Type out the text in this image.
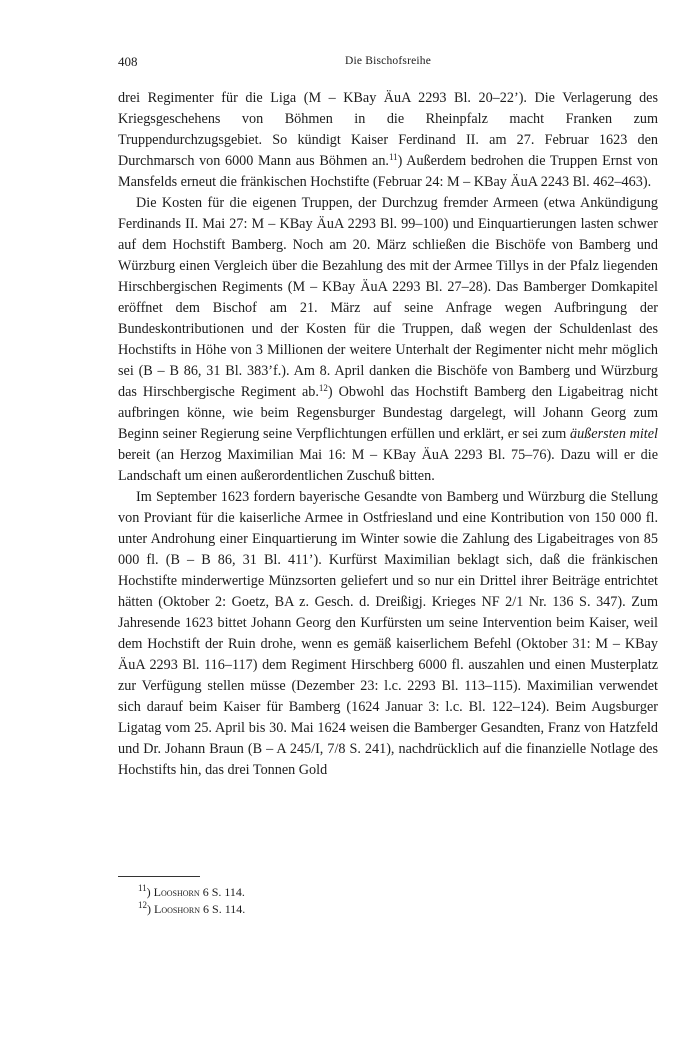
408	Die Bischofsreihe

drei Regimenter für die Liga (M – KBay ÄuA 2293 Bl. 20–22’). Die Verlagerung des Kriegsgeschehens von Böhmen in die Rheinpfalz macht Franken zum Truppendurchzugsgebiet. So kündigt Kaiser Ferdinand II. am 27. Februar 1623 den Durchmarsch von 6000 Mann aus Böhmen an.$^{11}$) Außerdem bedrohen die Truppen Ernst von Mansfelds erneut die fränkischen Hochstifte (Februar 24: M – KBay ÄuA 2243 Bl. 462–463).

Die Kosten für die eigenen Truppen, der Durchzug fremder Armeen (etwa Ankündigung Ferdinands II. Mai 27: M – KBay ÄuA 2293 Bl. 99–100) und Einquartierungen lasten schwer auf dem Hochstift Bamberg. Noch am 20. März schließen die Bischöfe von Bamberg und Würzburg einen Vergleich über die Bezahlung des mit der Armee Tillys in der Pfalz liegenden Hirschbergischen Regiments (M – KBay ÄuA 2293 Bl. 27–28). Das Bamberger Domkapitel eröffnet dem Bischof am 21. März auf seine Anfrage wegen Aufbringung der Bundeskontributionen und der Kosten für die Truppen, daß wegen der Schuldenlast des Hochstifts in Höhe von 3 Millionen der weitere Unterhalt der Regimenter nicht mehr möglich sei (B – B 86, 31 Bl. 383’f.). Am 8. April danken die Bischöfe von Bamberg und Würzburg das Hirschbergische Regiment ab.$^{12}$) Obwohl das Hochstift Bamberg den Ligabeitrag nicht aufbringen könne, wie beim Regensburger Bundestag dargelegt, will Johann Georg zum Beginn seiner Regierung seine Verpflichtungen erfüllen und erklärt, er sei zum äußersten mitel bereit (an Herzog Maximilian Mai 16: M – KBay ÄuA 2293 Bl. 75–76). Dazu will er die Landschaft um einen außerordentlichen Zuschuß bitten.

Im September 1623 fordern bayerische Gesandte von Bamberg und Würzburg die Stellung von Proviant für die kaiserliche Armee in Ostfriesland und eine Kontribution von 150 000 fl. unter Androhung einer Einquartierung im Winter sowie die Zahlung des Ligabeitrages von 85 000 fl. (B – B 86, 31 Bl. 411’). Kurfürst Maximilian beklagt sich, daß die fränkischen Hochstifte minderwertige Münzsorten geliefert und so nur ein Drittel ihrer Beiträge entrichtet hätten (Oktober 2: Goetz, BA z. Gesch. d. Dreißigj. Krieges NF 2/1 Nr. 136 S. 347). Zum Jahresende 1623 bittet Johann Georg den Kurfürsten um seine Intervention beim Kaiser, weil dem Hochstift der Ruin drohe, wenn es gemäß kaiserlichem Befehl (Oktober 31: M – KBay ÄuA 2293 Bl. 116–117) dem Regiment Hirschberg 6000 fl. auszahlen und einen Musterplatz zur Verfügung stellen müsse (Dezember 23: l.c. 2293 Bl. 113–115). Maximilian verwendet sich darauf beim Kaiser für Bamberg (1624 Januar 3: l.c. Bl. 122–124). Beim Augsburger Ligatag vom 25. April bis 30. Mai 1624 weisen die Bamberger Gesandten, Franz von Hatzfeld und Dr. Johann Braun (B – A 245/I, 7/8 S. 241), nachdrücklich auf die finanzielle Notlage des Hochstifts hin, das drei Tonnen Gold

$^{11}$) Looshorn 6 S. 114.
$^{12}$) Looshorn 6 S. 114.
